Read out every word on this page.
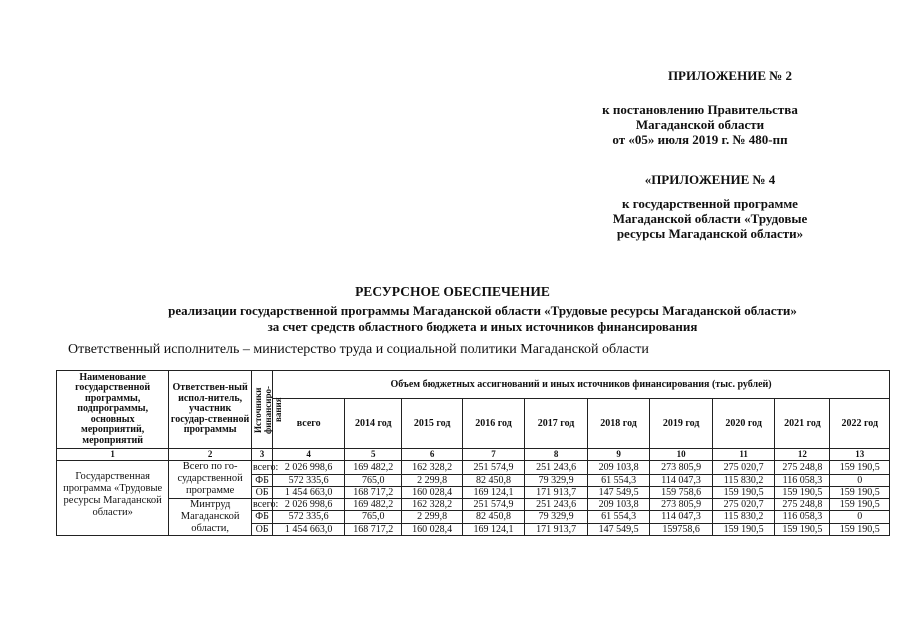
ПРИЛОЖЕНИЕ № 2
к постановлению Правительства
Магаданской области
от «05» июля 2019 г. № 480-пп
«ПРИЛОЖЕНИЕ № 4
к государственной программе
Магаданской области «Трудовые
ресурсы Магаданской области»
РЕСУРСНОЕ ОБЕСПЕЧЕНИЕ
реализации государственной программы Магаданской области «Трудовые ресурсы Магаданской области»
за счет средств областного бюджета и иных источников финансирования
Ответственный исполнитель – министерство труда и социальной политики Магаданской области
Наименование государственной программы, подпрограммы, основных мероприятий, мероприятий	Ответствен-ный испол-нитель, участник государ-ственной программы	Источники финансиро-вания	Объем бюджетных ассигнований и иных источников финансирования (тыс. рублей)									
			всего	2014 год	2015 год	2016 год	2017 год	2018 год	2019 год	2020 год	2021 год	2022 год
1	2	3	4	5	6	7	8	9	10	11	12	13
Государственная программа «Трудовые ресурсы Магаданской области»	Всего по го-сударственной программе	всего:	2 026 998,6	169 482,2	162 328,2	251 574,9	251 243,6	209 103,8	273 805,9	275 020,7	275 248,8	159 190,5
		ФБ	572 335,6	765,0	2 299,8	82 450,8	79 329,9	61 554,3	114 047,3	115 830,2	116 058,3	0
		ОБ	1 454 663,0	168 717,2	160 028,4	169 124,1	171 913,7	147 549,5	159 758,6	159 190,5	159 190,5	159 190,5
	Минтруд Магаданской области,	всего:	2 026 998,6	169 482,2	162 328,2	251 574,9	251 243,6	209 103,8	273 805,9	275 020,7	275 248,8	159 190,5
		ФБ	572 335,6	765,0	2 299,8	82 450,8	79 329,9	61 554,3	114 047,3	115 830,2	116 058,3	0
		ОБ	1 454 663,0	168 717,2	160 028,4	169 124,1	171 913,7	147 549,5	159758,6	159 190,5	159 190,5	159 190,5
